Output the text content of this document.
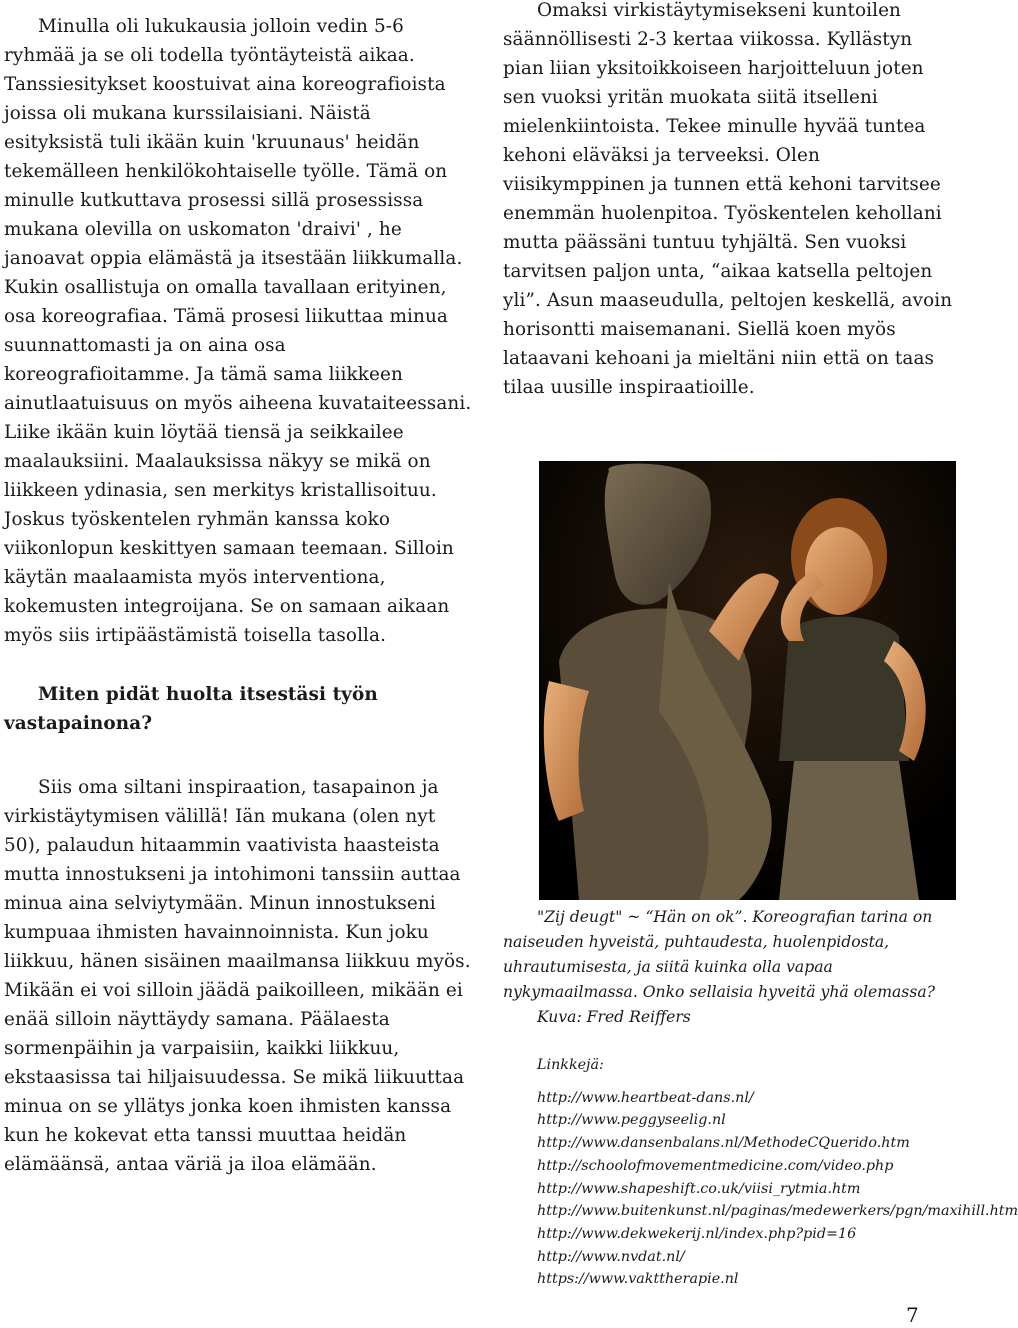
Minulla oli lukukausia jolloin vedin 5-6 ryhmää ja se oli todella työntäyteistä aikaa. Tanssiesitykset koostuivat aina koreografioista joissa oli mukana kurssilaisiani. Näistä esityksistä tuli ikään kuin 'kruunaus' heidän tekemälleen henkilökohtaiselle työlle. Tämä on minulle kutkuttava prosessi sillä prosessissa mukana olevilla on uskomaton 'draivi' , he janoavat oppia elämästä ja itsestään liikkumalla. Kukin osallistuja on omalla tavallaan erityinen, osa koreografiaa. Tämä prosesi liikuttaa minua suunnattomasti ja on aina osa koreografioitamme. Ja tämä sama liikkeen ainutlaatuisuus on myös aiheena kuvataiteessani. Liike ikään kuin löytää tiensä ja seikkailee maalauksiini. Maalauksissa näkyy se mikä on liikkeen ydinasia, sen merkitys kristallisoituu. Joskus työskentelen ryhmän kanssa koko viikonlopun keskittyen samaan teemaan. Silloin käytän maalaamista myös interventiona, kokemusten integroijana. Se on samaan aikaan myös siis irtipäästämistä toisella tasolla.

Miten pidät huolta itsestäsi työn vastapainona?

Siis oma siltani inspiraation, tasapainon ja virkistäytymisen välillä! Iän mukana (olen nyt 50), palaudun hitaammin vaativista haasteista mutta innostukseni ja intohimoni tanssiin auttaa minua aina selviytymään. Minun innostukseni kumpuaa ihmisten havainnoinnista. Kun joku liikkuu, hänen sisäinen maailmansa liikkuu myös. Mikään ei voi silloin jäädä paikoilleen, mikään ei enää silloin näyttäydy samana. Päälaesta sormenpäihin ja varpaisiin, kaikki liikkuu, ekstaasissa tai hiljaisuudessa. Se mikä liikuuttaa minua on se yllätys jonka koen ihmisten kanssa kun he kokevat etta tanssi muuttaa heidän elämäänsä, antaa väriä ja iloa elämään.

Omaksi virkistäytymisekseni kuntoilen säännöllisesti 2-3 kertaa viikossa. Kyllästyn pian liian yksitoikkoiseen harjoitteluun joten sen vuoksi yritän muokata siitä itselleni mielenkiintoista. Tekee minulle hyvää tuntea kehoni eläväksi ja terveeksi. Olen viisikymppinen ja tunnen että kehoni tarvitsee enemmän huolenpitoa. Työskentelen kehollani mutta päässäni tuntuu tyhjältä. Sen vuoksi tarvitsen paljon unta, “aikaa katsella peltojen yli”. Asun maaseudulla, peltojen keskellä, avoin horisontti maisemanani. Siellä koen myös lataavani kehoani ja mieltäni niin että on taas tilaa uusille inspiraatioille.

"Zij deugt" ~ “Hän on ok”. Koreografian tarina on naiseuden hyveistä, puhtaudesta, huolenpidosta, uhrautumisesta, ja siitä kuinka olla vapaa nykymaailmassa. Onko sellaisia hyveitä yhä olemassa?
Kuva: Fred Reiffers
Linkkejä:
http://www.heartbeat-dans.nl/
http://www.peggyseelig.nl
http://www.dansenbalans.nl/MethodeCQuerido.htm
http://schoolofmovementmedicine.com/video.php
http://www.shapeshift.co.uk/viisi_rytmia.htm
http://www.buitenkunst.nl/paginas/medewerkers/pgn/maxihill.htm
http://www.dekwekerij.nl/index.php?pid=16
http://www.nvdat.nl/
https://www.vakttherapie.nl
7
